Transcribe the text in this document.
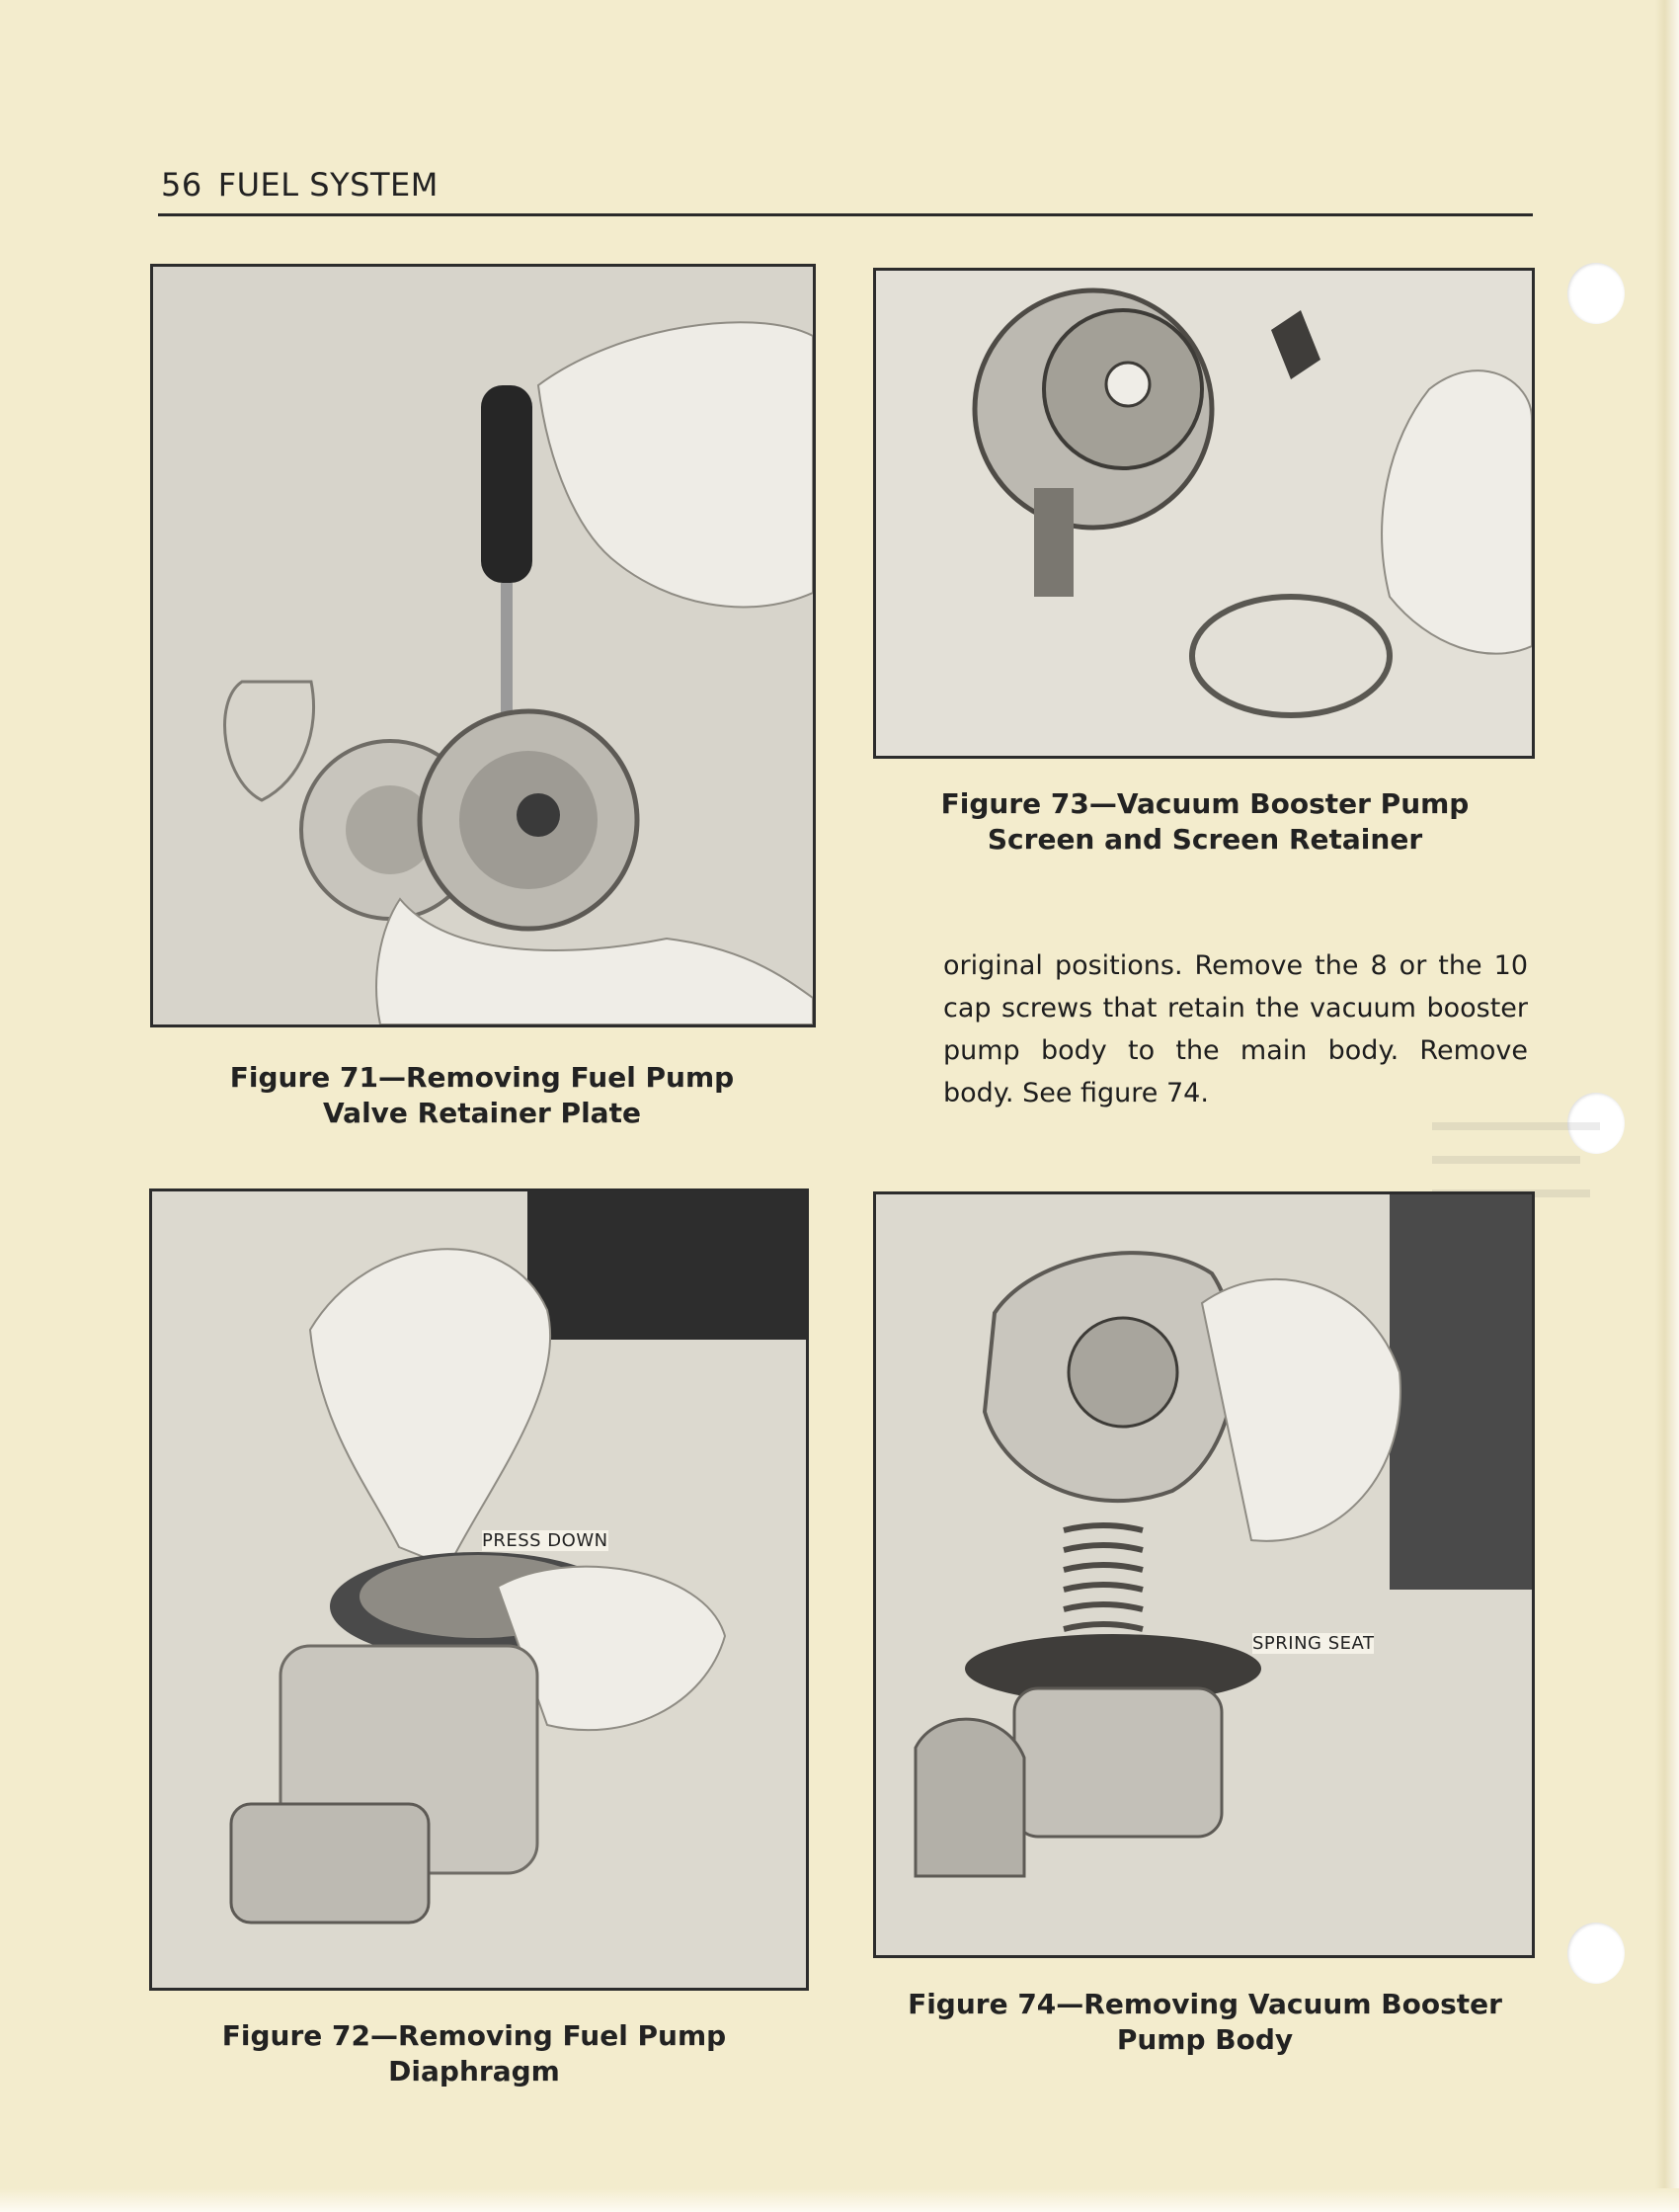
56 FUEL SYSTEM
Figure 71—Removing Fuel Pump Valve Retainer Plate
PRESS DOWN
Figure 72—Removing Fuel Pump Diaphragm
Figure 73—Vacuum Booster Pump Screen and Screen Retainer
original positions. Remove the 8 or the 10 cap screws that retain the vacuum booster pump body to the main body. Remove body. See figure 74.
SPRING SEAT
Figure 74—Removing Vacuum Booster Pump Body
